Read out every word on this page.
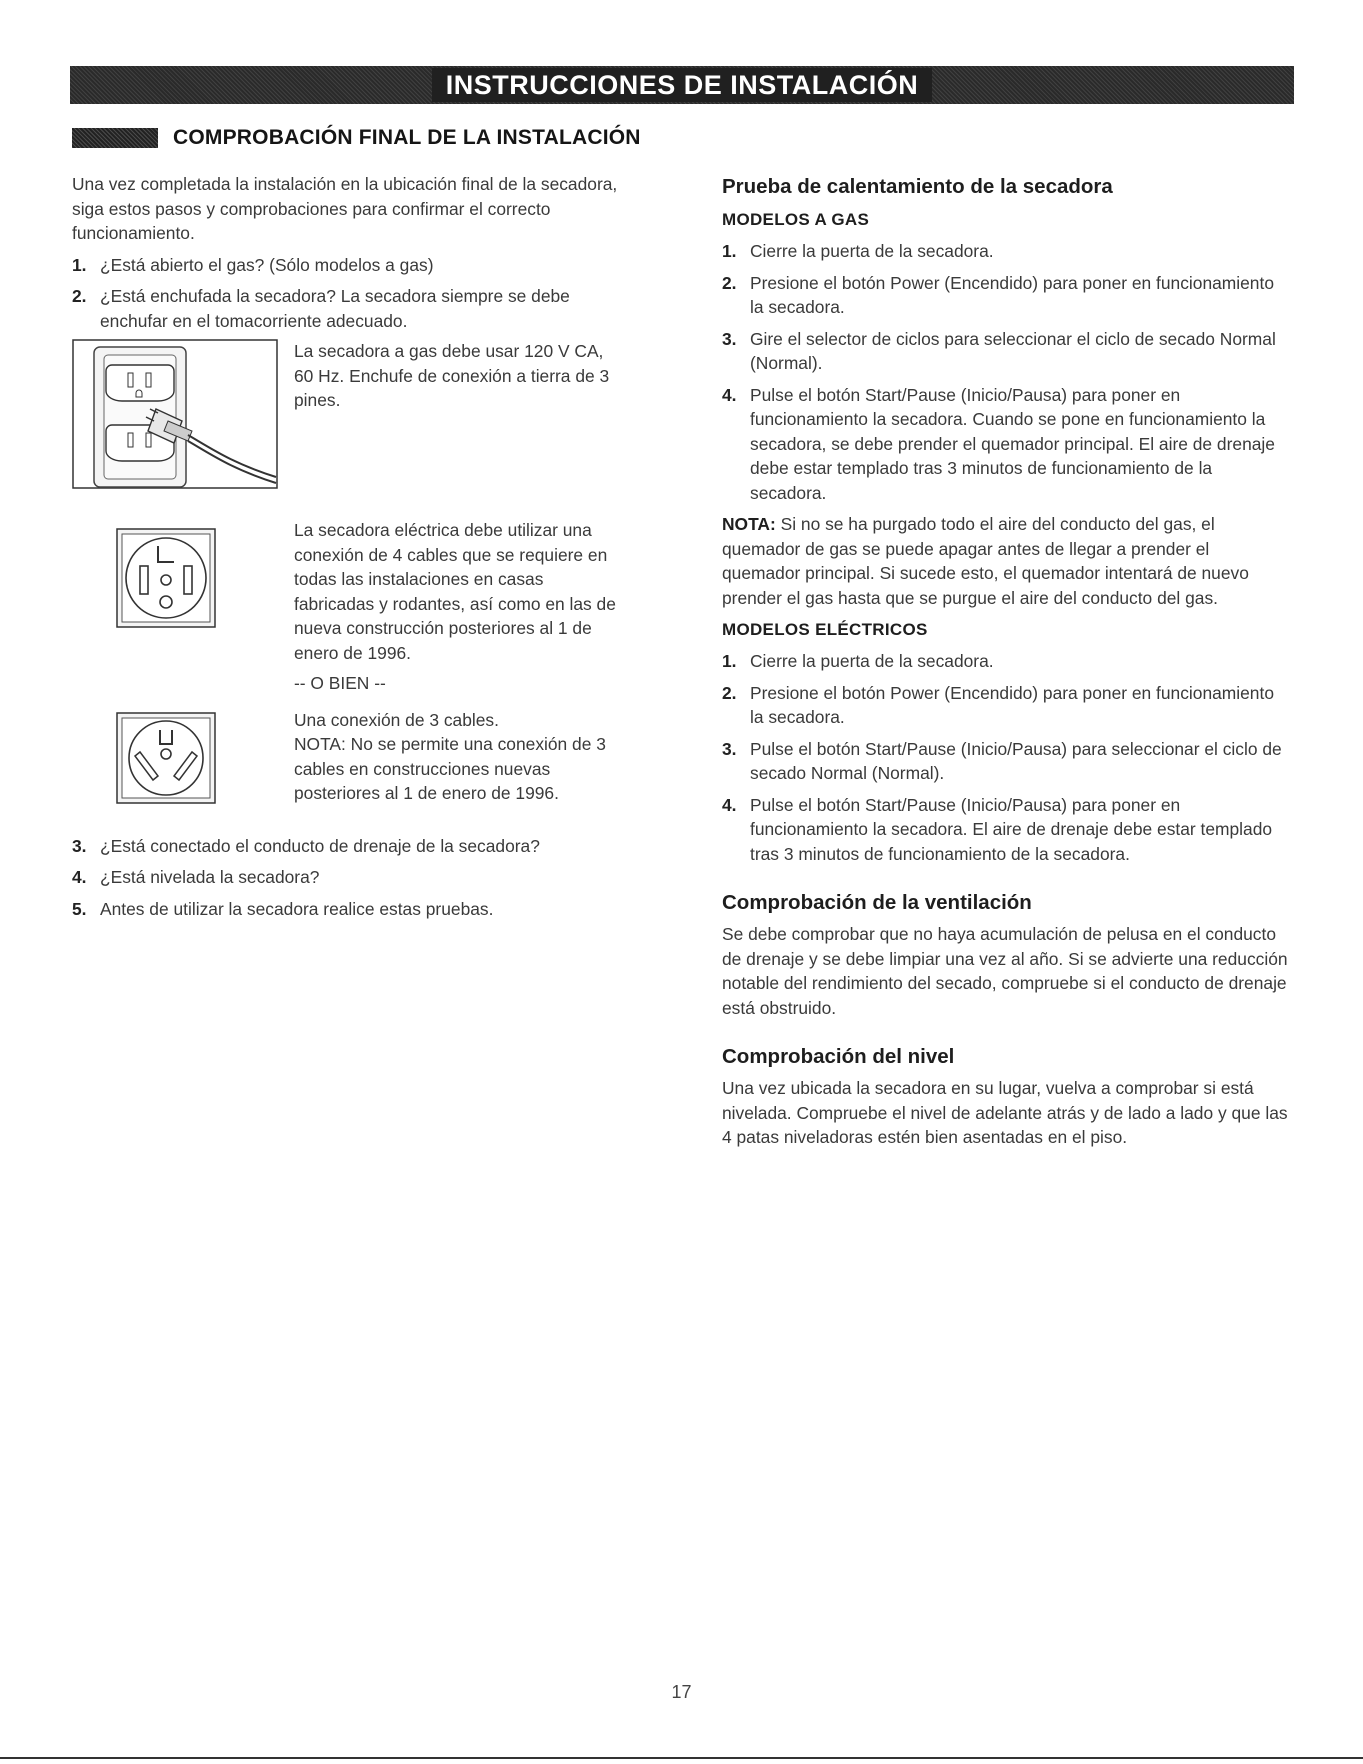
INSTRUCCIONES DE INSTALACIÓN
COMPROBACIÓN FINAL DE LA INSTALACIÓN

Una vez completada la instalación en la ubicación final de la secadora, siga estos pasos y comprobaciones para confirmar el correcto funcionamiento.

1. ¿Está abierto el gas? (Sólo modelos a gas)
2. ¿Está enchufada la secadora? La secadora siempre se debe enchufar en el tomacorriente adecuado.
La secadora a gas debe usar 120 V CA, 60 Hz. Enchufe de conexión a tierra de 3 pines.
La secadora eléctrica debe utilizar una conexión de 4 cables que se requiere en todas las instalaciones en casas fabricadas y rodantes, así como en las de nueva construcción posteriores al 1 de enero de 1996.
-- O BIEN --
Una conexión de 3 cables.
NOTA: No se permite una conexión de 3 cables en construcciones nuevas posteriores al 1 de enero de 1996.
3. ¿Está conectado el conducto de drenaje de la secadora?
4. ¿Está nivelada la secadora?
5. Antes de utilizar la secadora realice estas pruebas.
Prueba de calentamiento de la secadora
MODELOS A GAS
1. Cierre la puerta de la secadora.
2. Presione el botón Power (Encendido) para poner en funcionamiento la secadora.
3. Gire el selector de ciclos para seleccionar el ciclo de secado Normal (Normal).
4. Pulse el botón Start/Pause (Inicio/Pausa) para poner en funcionamiento la secadora. Cuando se pone en funcionamiento la secadora, se debe prender el quemador principal. El aire de drenaje debe estar templado tras 3 minutos de funcionamiento de la secadora.

NOTA: Si no se ha purgado todo el aire del conducto del gas, el quemador de gas se puede apagar antes de llegar a prender el quemador principal. Si sucede esto, el quemador intentará de nuevo prender el gas hasta que se purgue el aire del conducto del gas.

MODELOS ELÉCTRICOS
1. Cierre la puerta de la secadora.
2. Presione el botón Power (Encendido) para poner en funcionamiento la secadora.
3. Pulse el botón Start/Pause (Inicio/Pausa) para seleccionar el ciclo de secado Normal (Normal).
4. Pulse el botón Start/Pause (Inicio/Pausa) para poner en funcionamiento la secadora. El aire de drenaje debe estar templado tras 3 minutos de funcionamiento de la secadora.
Comprobación de la ventilación

Se debe comprobar que no haya acumulación de pelusa en el conducto de drenaje y se debe limpiar una vez al año. Si se advierte una reducción notable del rendimiento del secado, compruebe si el conducto de drenaje está obstruido.

Comprobación del nivel

Una vez ubicada la secadora en su lugar, vuelva a comprobar si está nivelada. Compruebe el nivel de adelante atrás y de lado a lado y que las 4 patas niveladoras estén bien asentadas en el piso.

17
